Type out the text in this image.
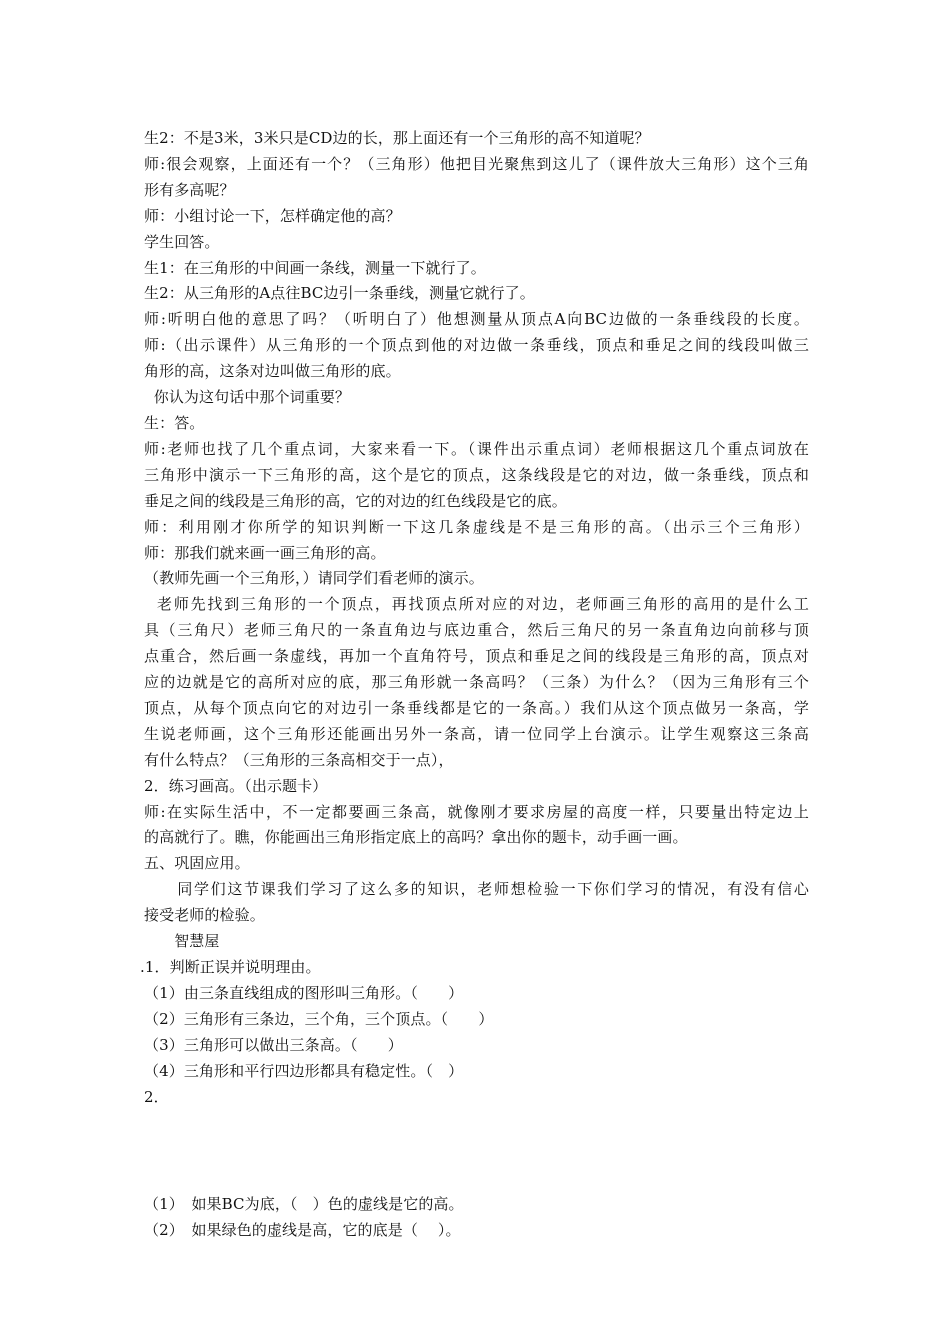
生2：不是3米，3米只是CD边的长，那上面还有一个三角形的高不知道呢？
师:很会观察，上面还有一个？（三角形）他把目光聚焦到这儿了（课件放大三角形）这个三角
形有多高呢？
师：小组讨论一下，怎样确定他的高？
学生回答。
生1：在三角形的中间画一条线，测量一下就行了。
生2：从三角形的A点往BC边引一条垂线，测量它就行了。
师:听明白他的意思了吗？（听明白了）他想测量从顶点A向BC边做的一条垂线段的长度。
师:（出示课件）从三角形的一个顶点到他的对边做一条垂线，顶点和垂足之间的线段叫做三
角形的高，这条对边叫做三角形的底。
你认为这句话中那个词重要？
生：答。
师:老师也找了几个重点词，大家来看一下。（课件出示重点词）老师根据这几个重点词放在
三角形中演示一下三角形的高，这个是它的顶点，这条线段是它的对边，做一条垂线，顶点和
垂足之间的线段是三角形的高，它的对边的红色线段是它的底。
师：利用刚才你所学的知识判断一下这几条虚线是不是三角形的高。（出示三个三角形）
师：那我们就来画一画三角形的高。
（教师先画一个三角形，）请同学们看老师的演示。
老师先找到三角形的一个顶点，再找顶点所对应的对边，老师画三角形的高用的是什么工
具（三角尺）老师三角尺的一条直角边与底边重合，然后三角尺的另一条直角边向前移与顶
点重合，然后画一条虚线，再加一个直角符号，顶点和垂足之间的线段是三角形的高，顶点对
应的边就是它的高所对应的底，那三角形就一条高吗？（三条）为什么？（因为三角形有三个
顶点，从每个顶点向它的对边引一条垂线都是它的一条高。）我们从这个顶点做另一条高，学
生说老师画，这个三角形还能画出另外一条高，请一位同学上台演示。让学生观察这三条高
有什么特点？（三角形的三条高相交于一点），
2．练习画高。（出示题卡）
师:在实际生活中，不一定都要画三条高，就像刚才要求房屋的高度一样，只要量出特定边上
的高就行了。瞧，你能画出三角形指定底上的高吗？拿出你的题卡，动手画一画。
五、巩固应用。
　　同学们这节课我们学习了这么多的知识，老师想检验一下你们学习的情况，有没有信心
接受老师的检验。
　　智慧屋
.1．判断正误并说明理由。
（1）由三条直线组成的图形叫三角形。（　　）
（2）三角形有三条边，三个角，三个顶点。（　　）
（3）三角形可以做出三条高。（　　）
（4）三角形和平行四边形都具有稳定性。（　）
2．
（1）　如果BC为底，（　）色的虚线是它的高。
（2）　如果绿色的虚线是高，它的底是（　 ）。
